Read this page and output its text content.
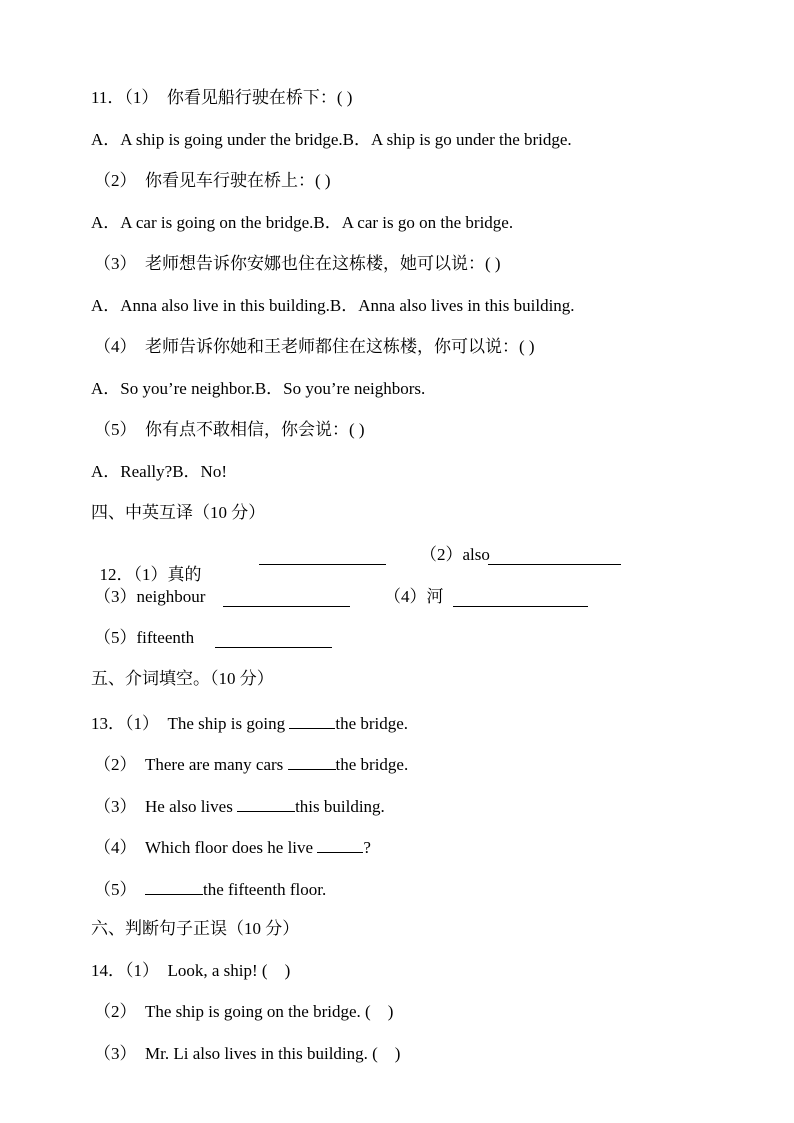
11．（1）  你看见船行驶在桥下：( )
A．A ship is going under the bridge.B．A ship is go under the bridge.
（2）  你看见车行驶在桥上：( )
A．A car is going on the bridge.B．A car is go on the bridge.
（3）  老师想告诉你安娜也住在这栋楼，她可以说：( )
A．Anna also live in this building.B．Anna also lives in this building.
（4）  老师告诉你她和王老师都住在这栋楼，你可以说：( )
A．So you’re neighbor.B．So you’re neighbors.
（5）  你有点不敢相信，你会说：( )
A．Really?B．No!
四、中英互译（10 分）

12．（1）真的

（2）also
（3）neighbour	（4）河
（5）fifteenth
五、介词填空。（10 分）
13．（1）  The ship is going	the bridge.
（2）  There are many cars	the bridge.
（3）  He also lives	this building.
（4）  Which floor does he live	?
（5）	the fifteenth floor.
六、判断句子正误（10 分）
14．（1）  Look, a ship! (    )
（2）  The ship is going on the bridge. (    )
（3）  Mr. Li also lives in this building. (    )
